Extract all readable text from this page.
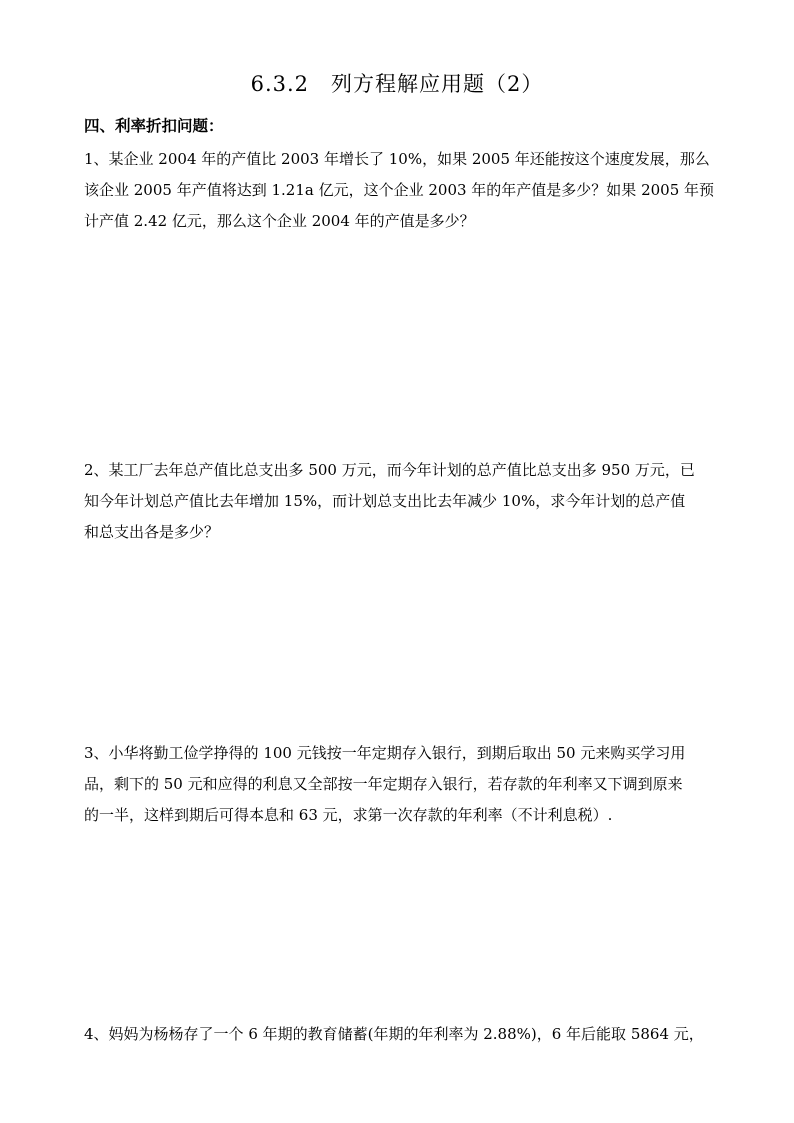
6.3.2　列方程解应用题（2）
四、利率折扣问题：
1、某企业 2004 年的产值比 2003 年增长了 10%，如果 2005 年还能按这个速度发展，那么
该企业 2005 年产值将达到 1.21a 亿元，这个企业 2003 年的年产值是多少？如果 2005 年预
计产值 2.42 亿元，那么这个企业 2004 年的产值是多少？
2、某工厂去年总产值比总支出多 500 万元，而今年计划的总产值比总支出多 950 万元，已
知今年计划总产值比去年增加 15%，而计划总支出比去年减少 10%，求今年计划的总产值
和总支出各是多少？
3、小华将勤工俭学挣得的 100 元钱按一年定期存入银行，到期后取出 50 元来购买学习用
品，剩下的 50 元和应得的利息又全部按一年定期存入银行，若存款的年利率又下调到原来
的一半，这样到期后可得本息和 63 元，求第一次存款的年利率（不计利息税）.
4、妈妈为杨杨存了一个 6 年期的教育储蓄(年期的年利率为 2.88%)，6 年后能取 5864 元，
